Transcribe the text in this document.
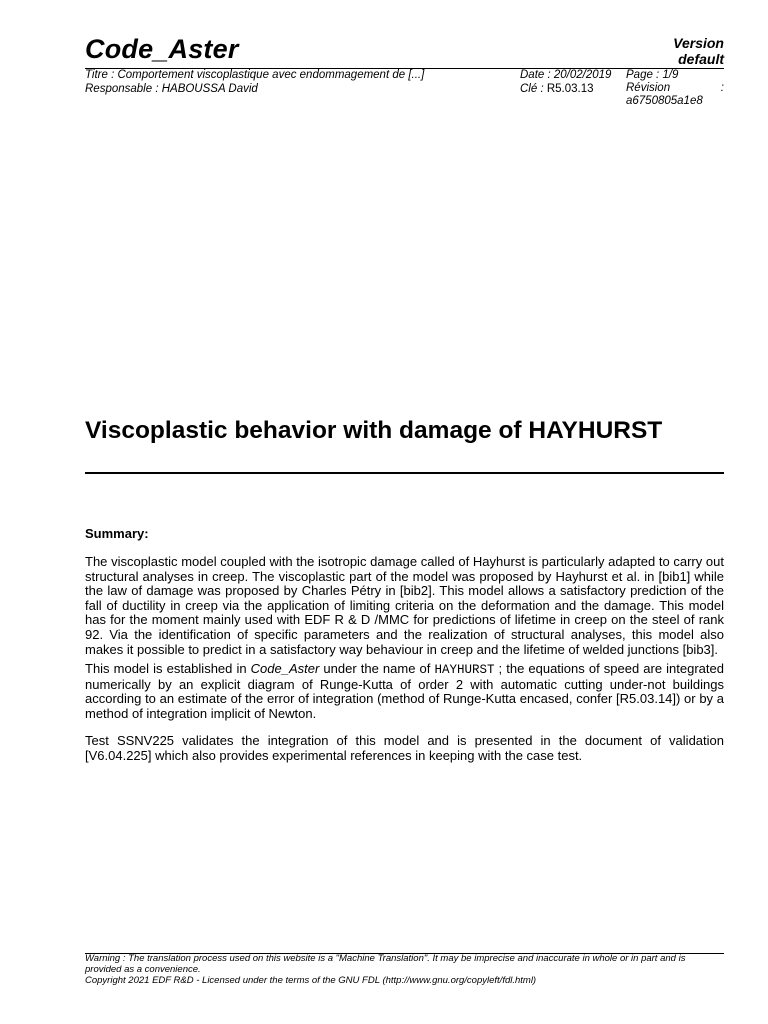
Code_Aster	Version
default
Titre : Comportement viscoplastique avec endommagement de [...]
Responsable : HABOUSSA David
Date : 20/02/2019
Clé : R5.03.13
Page : 1/9
Révision	:
a6750805a1e8
Viscoplastic behavior with damage of HAYHURST
Summary:
The viscoplastic model coupled with the isotropic damage called of Hayhurst is particularly adapted to carry out structural analyses in creep. The viscoplastic part of the model was proposed by Hayhurst et al. in [bib1] while the law of damage was proposed by Charles Pétry in [bib2]. This model allows a satisfactory prediction of the fall of ductility in creep via the application of limiting criteria on the deformation and the damage. This model has for the moment mainly used with EDF R & D /MMC for predictions of lifetime in creep on the steel of rank 92. Via the identification of specific parameters and the realization of structural analyses, this model also makes it possible to predict in a satisfactory way behaviour in creep and the lifetime of welded junctions [bib3].
This model is established in Code_Aster under the name of HAYHURST ; the equations of speed are integrated numerically by an explicit diagram of Runge-Kutta of order 2 with automatic cutting under-not buildings according to an estimate of the error of integration (method of Runge-Kutta encased, confer [R5.03.14]) or by a method of integration implicit of Newton.
Test SSNV225 validates the integration of this model and is presented in the document of validation [V6.04.225] which also provides experimental references in keeping with the case test.
Warning : The translation process used on this website is a "Machine Translation". It may be imprecise and inaccurate in whole or in part and is provided as a convenience.
Copyright 2021 EDF R&D - Licensed under the terms of the GNU FDL (http://www.gnu.org/copyleft/fdl.html)
